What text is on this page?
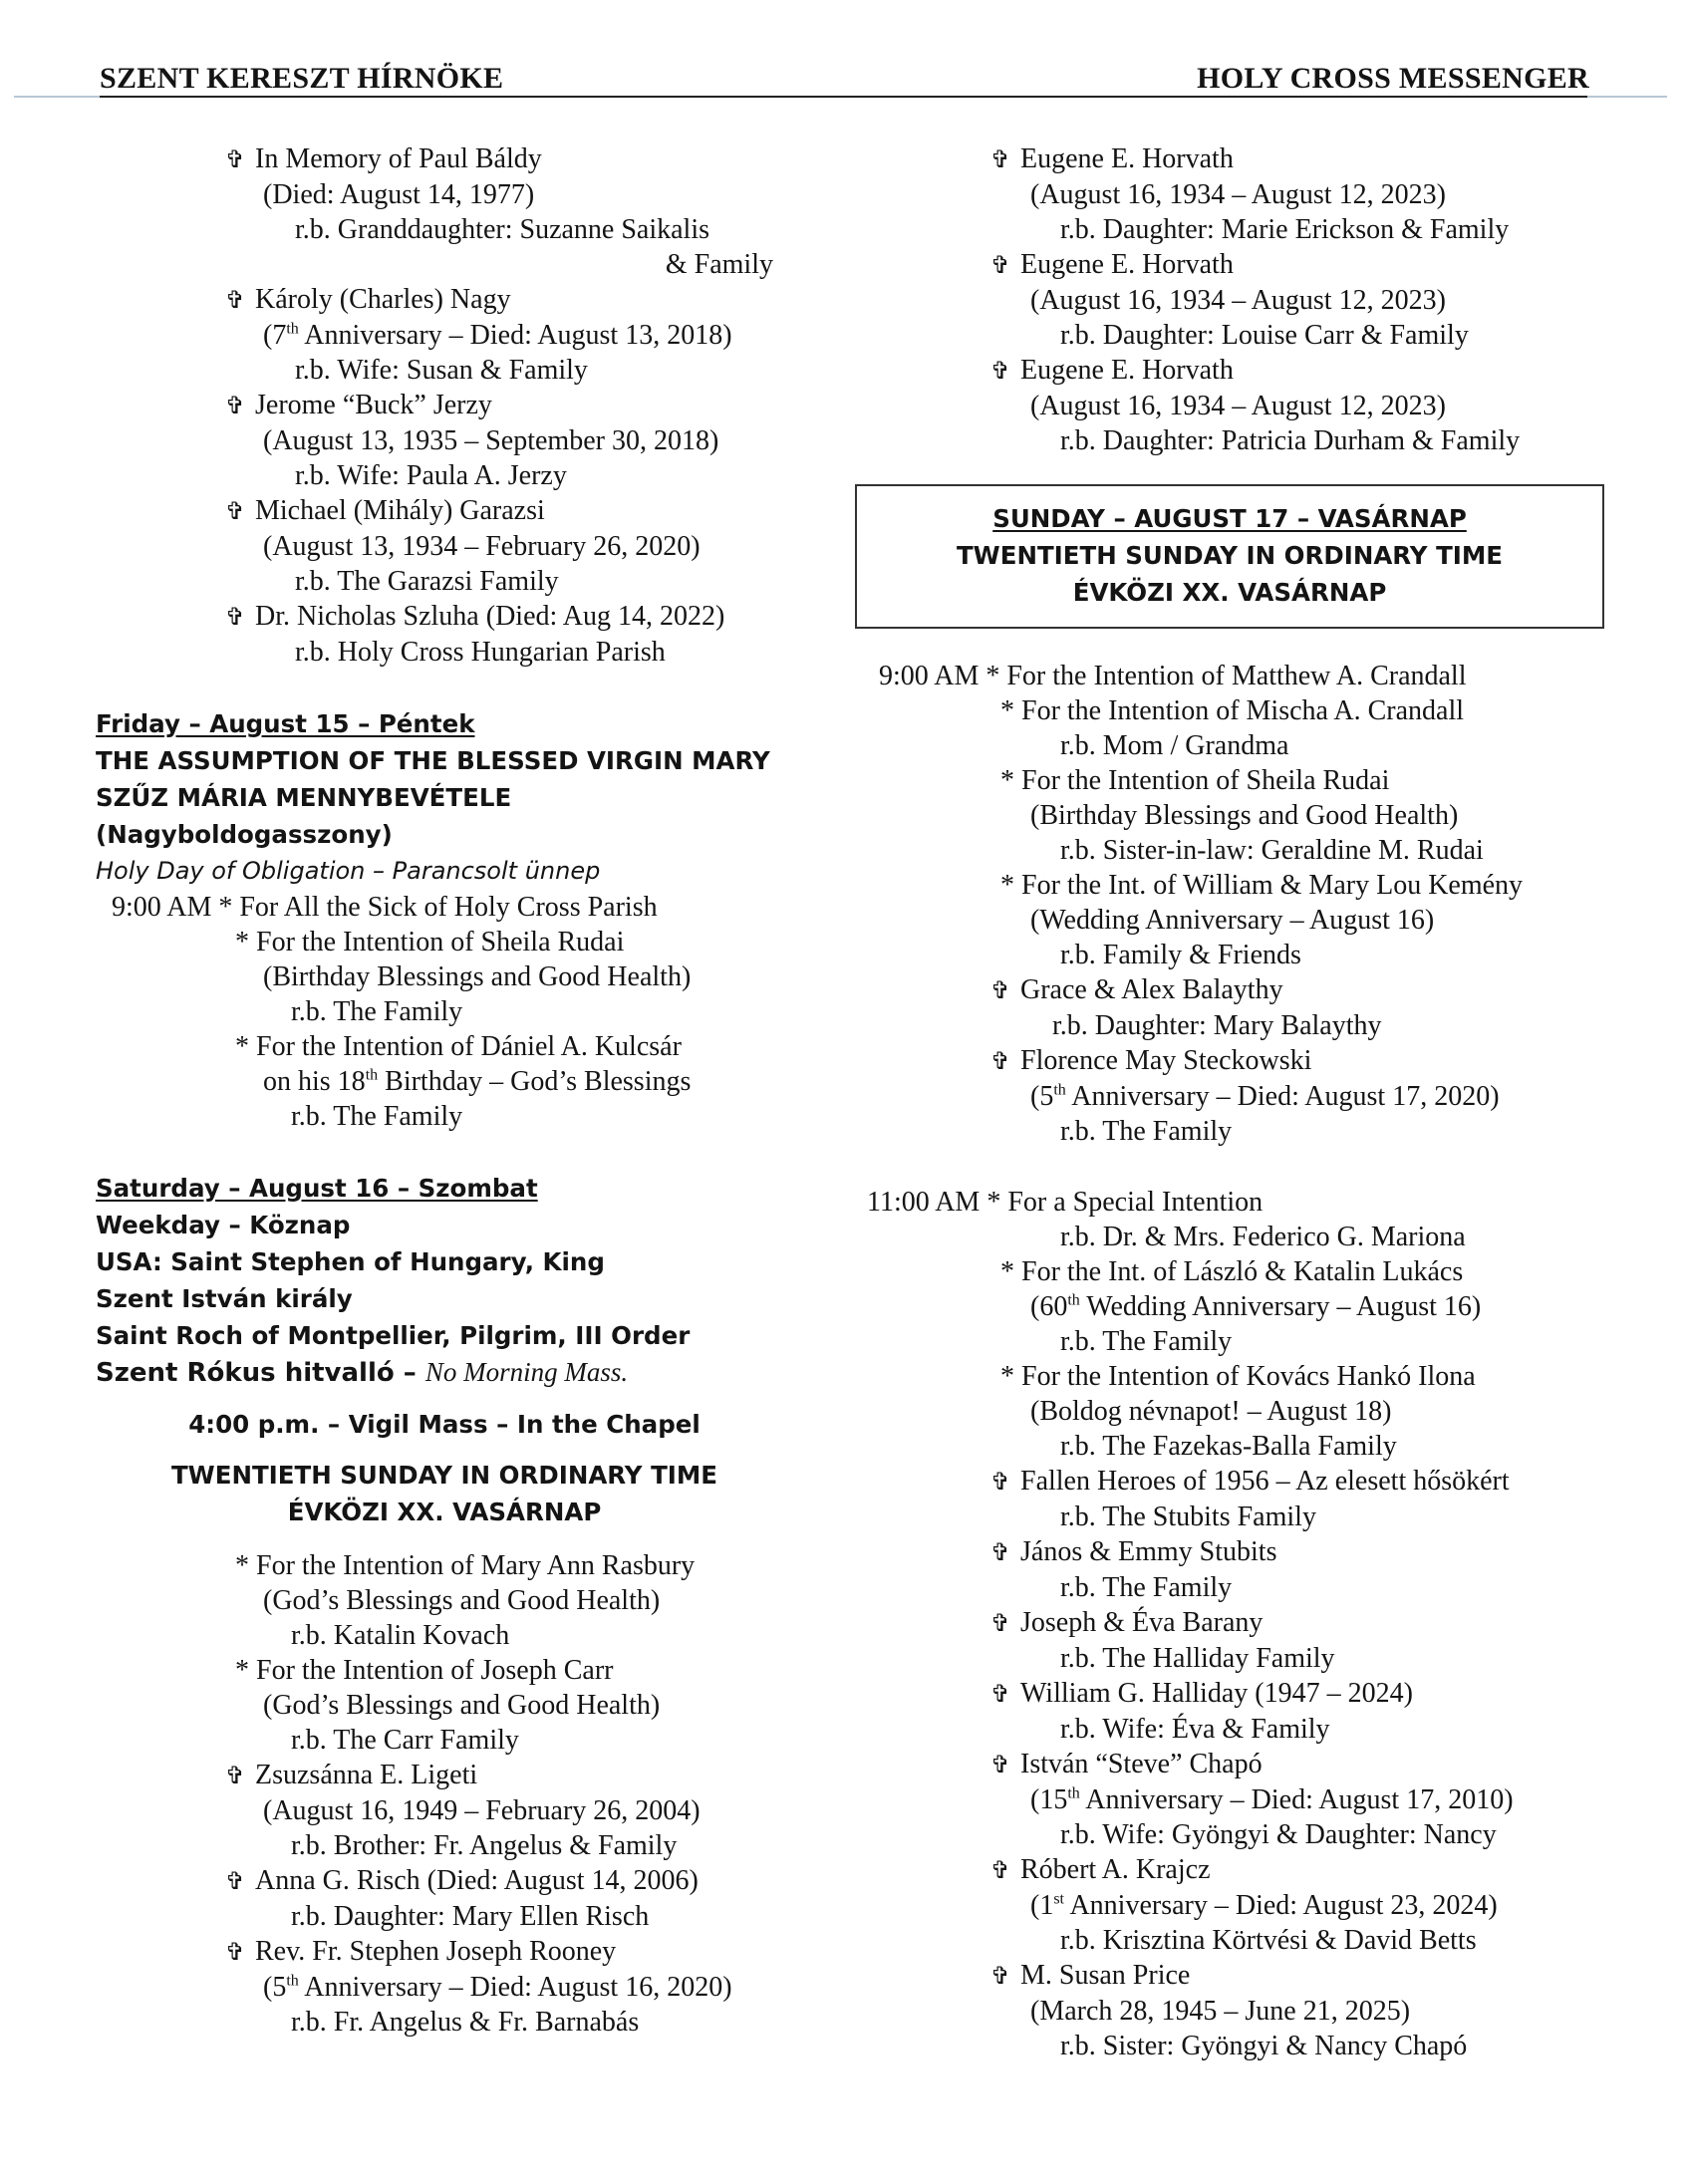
SZENT KERESZT HÍRNÖKE	HOLY CROSS MESSENGER
✞ In Memory of Paul Báldy
(Died: August 14, 1977)
r.b. Granddaughter: Suzanne Saikalis
& Family
✞ Károly (Charles) Nagy
(7th Anniversary – Died: August 13, 2018)
r.b. Wife: Susan & Family
✞ Jerome “Buck” Jerzy
(August 13, 1935 – September 30, 2018)
r.b. Wife: Paula A. Jerzy
✞ Michael (Mihály) Garazsi
(August 13, 1934 – February 26, 2020)
r.b. The Garazsi Family
✞ Dr. Nicholas Szluha (Died: Aug 14, 2022)
r.b. Holy Cross Hungarian Parish
Friday – August 15 – Péntek
THE ASSUMPTION OF THE BLESSED VIRGIN MARY
SZŰZ MÁRIA MENNYBEVÉTELE
(Nagyboldogasszony)
Holy Day of Obligation – Parancsolt ünnep
9:00 AM * For All the Sick of Holy Cross Parish
* For the Intention of Sheila Rudai
(Birthday Blessings and Good Health)
r.b. The Family
* For the Intention of Dániel A. Kulcsár
on his 18th Birthday – God’s Blessings
r.b. The Family
Saturday – August 16 – Szombat
Weekday – Köznap
USA: Saint Stephen of Hungary, King
Szent István király
Saint Roch of Montpellier, Pilgrim, III Order
Szent Rókus hitvalló – No Morning Mass.
4:00 p.m. – Vigil Mass – In the Chapel
TWENTIETH SUNDAY IN ORDINARY TIME
ÉVKÖZI XX. VASÁRNAP
* For the Intention of Mary Ann Rasbury
(God’s Blessings and Good Health)
r.b. Katalin Kovach
* For the Intention of Joseph Carr
(God’s Blessings and Good Health)
r.b. The Carr Family
✞ Zsuzsánna E. Ligeti
(August 16, 1949 – February 26, 2004)
r.b. Brother: Fr. Angelus & Family
✞ Anna G. Risch (Died: August 14, 2006)
r.b. Daughter: Mary Ellen Risch
✞ Rev. Fr. Stephen Joseph Rooney
(5th Anniversary – Died: August 16, 2020)
r.b. Fr. Angelus & Fr. Barnabás
✞ Eugene E. Horvath
(August 16, 1934 – August 12, 2023)
r.b. Daughter: Marie Erickson & Family
✞ Eugene E. Horvath
(August 16, 1934 – August 12, 2023)
r.b. Daughter: Louise Carr & Family
✞ Eugene E. Horvath
(August 16, 1934 – August 12, 2023)
r.b. Daughter: Patricia Durham & Family
SUNDAY – AUGUST 17 – VASÁRNAP
TWENTIETH SUNDAY IN ORDINARY TIME
ÉVKÖZI XX. VASÁRNAP
9:00 AM * For the Intention of Matthew A. Crandall
* For the Intention of Mischa A. Crandall
r.b. Mom / Grandma
* For the Intention of Sheila Rudai
(Birthday Blessings and Good Health)
r.b. Sister-in-law: Geraldine M. Rudai
* For the Int. of William & Mary Lou Kemény
(Wedding Anniversary – August 16)
r.b. Family & Friends
✞ Grace & Alex Balaythy
r.b. Daughter: Mary Balaythy
✞ Florence May Steckowski
(5th Anniversary – Died: August 17, 2020)
r.b. The Family
11:00 AM * For a Special Intention
r.b. Dr. & Mrs. Federico G. Mariona
* For the Int. of László & Katalin Lukács
(60th Wedding Anniversary – August 16)
r.b. The Family
* For the Intention of Kovács Hankó Ilona
(Boldog névnapot! – August 18)
r.b. The Fazekas-Balla Family
✞ Fallen Heroes of 1956 – Az elesett hősökért
r.b. The Stubits Family
✞ János & Emmy Stubits
r.b. The Family
✞ Joseph & Éva Barany
r.b. The Halliday Family
✞ William G. Halliday (1947 – 2024)
r.b. Wife: Éva & Family
✞ István “Steve” Chapó
(15th Anniversary – Died: August 17, 2010)
r.b. Wife: Gyöngyi & Daughter: Nancy
✞ Róbert A. Krajcz
(1st Anniversary – Died: August 23, 2024)
r.b. Krisztina Körtvési & David Betts
✞ M. Susan Price
(March 28, 1945 – June 21, 2025)
r.b. Sister: Gyöngyi & Nancy Chapó
